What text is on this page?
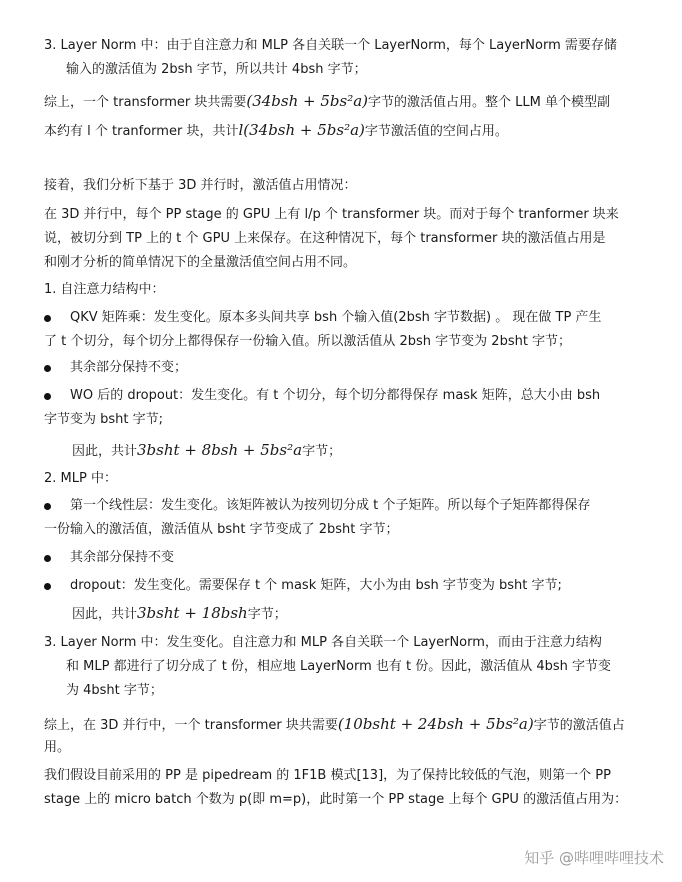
3. Layer Norm 中：由于自注意力和 MLP 各自关联一个 LayerNorm，每个 LayerNorm 需要存储
输入的激活值为 2bsh 字节，所以共计 4bsh 字节；
综上，一个 transformer 块共需要(34bsh + 5bs²a)字节的激活值占用。整个 LLM 单个模型副
本约有 l 个 tranformer 块，共计l(34bsh + 5bs²a)字节激活值的空间占用。
接着，我们分析下基于 3D 并行时，激活值占用情况：
在 3D 并行中，每个 PP stage 的 GPU 上有 l/p 个 transformer 块。而对于每个 tranformer 块来
说，被切分到 TP 上的 t 个 GPU 上来保存。在这种情况下，每个 transformer 块的激活值占用是
和刚才分析的简单情况下的全量激活值空间占用不同。
1. 自注意力结构中：
QKV 矩阵乘：发生变化。原本多头间共享 bsh 个输入值(2bsh 字节数据) 。 现在做 TP 产生
了 t 个切分，每个切分上都得保存一份输入值。所以激活值从 2bsh 字节变为 2bsht 字节；
其余部分保持不变；
WO 后的 dropout：发生变化。有 t 个切分，每个切分都得保存 mask 矩阵，总大小由 bsh
字节变为 bsht 字节;
因此，共计3bsht + 8bsh + 5bs²a字节；
2. MLP 中：
第一个线性层：发生变化。该矩阵被认为按列切分成 t 个子矩阵。所以每个子矩阵都得保存
一份输入的激活值，激活值从 bsht 字节变成了 2bsht 字节；
其余部分保持不变
dropout：发生变化。需要保存 t 个 mask 矩阵，大小为由 bsh 字节变为 bsht 字节;
因此，共计3bsht + 18bsh字节；
3. Layer Norm 中：发生变化。自注意力和 MLP 各自关联一个 LayerNorm，而由于注意力结构
和 MLP 都进行了切分成了 t 份，相应地 LayerNorm 也有 t 份。因此，激活值从 4bsh 字节变
为 4bsht 字节；
综上，在 3D 并行中，一个 transformer 块共需要(10bsht + 24bsh + 5bs²a)字节的激活值占
用。
我们假设目前采用的 PP 是 pipedream 的 1F1B 模式[13]，为了保持比较低的气泡，则第一个 PP
stage 上的 micro batch 个数为 p(即 m=p)，此时第一个 PP stage 上每个 GPU 的激活值占用为：
知乎 @哔哩哔哩技术
